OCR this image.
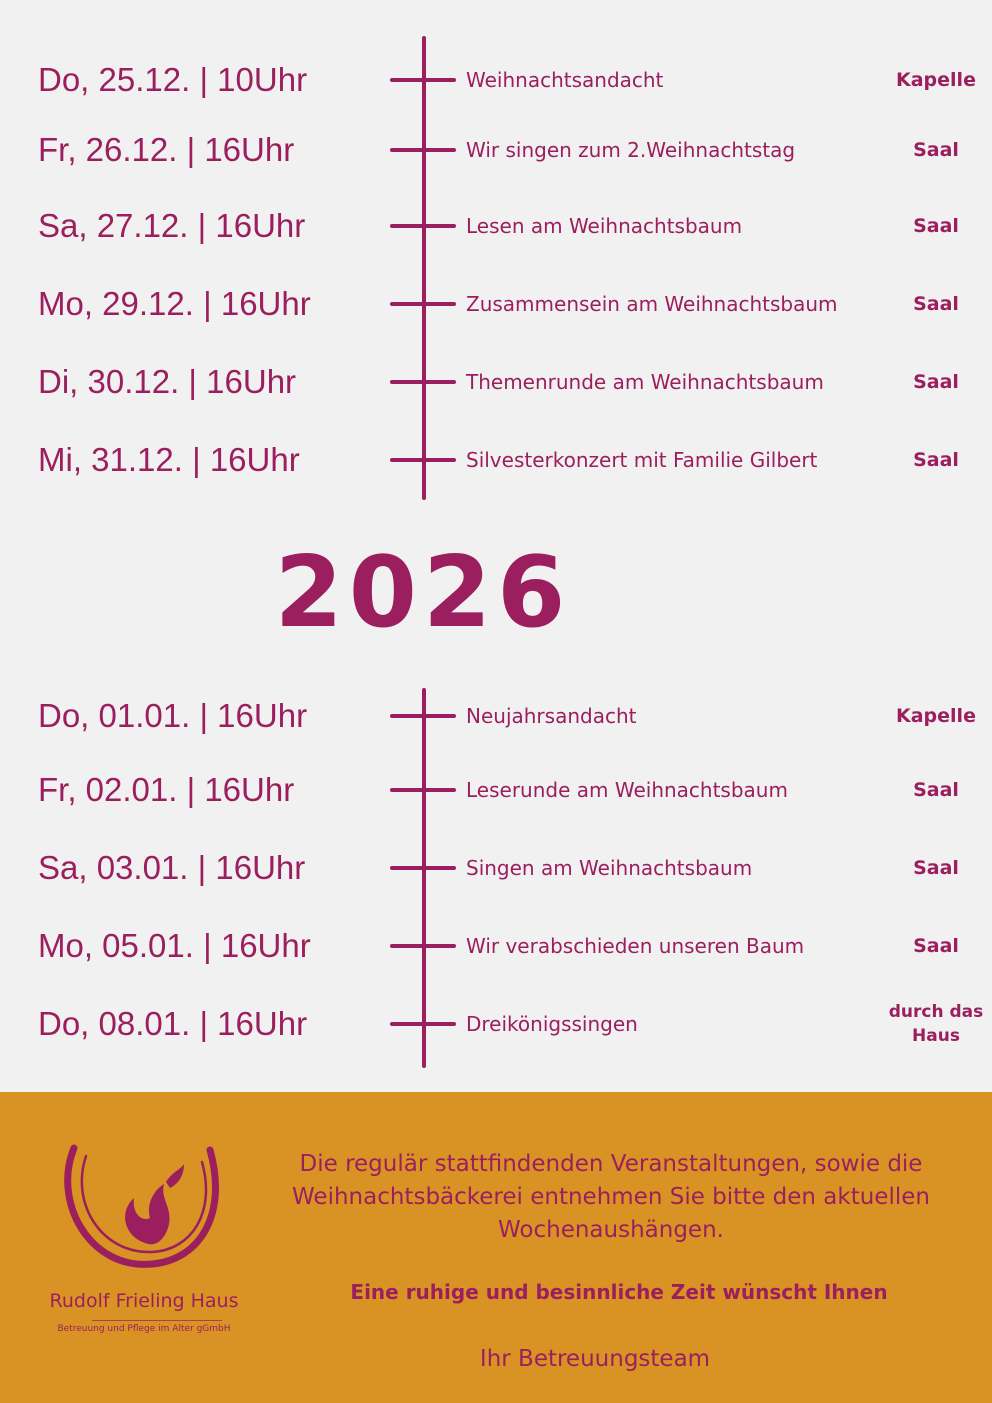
Do, 25.12. | 10Uhr	Weihnachtsandacht	Kapelle
Fr, 26.12. | 16Uhr	Wir singen zum 2.Weihnachtstag	Saal
Sa, 27.12. | 16Uhr	Lesen am Weihnachtsbaum	Saal
Mo, 29.12. | 16Uhr	Zusammensein am Weihnachtsbaum	Saal
Di, 30.12. | 16Uhr	Themenrunde am Weihnachtsbaum	Saal
Mi, 31.12. | 16Uhr	Silvesterkonzert mit Familie Gilbert	Saal
2026
Do, 01.01. | 16Uhr	Neujahrsandacht	Kapelle
Fr, 02.01. | 16Uhr	Leserunde am Weihnachtsbaum	Saal
Sa, 03.01. | 16Uhr	Singen am Weihnachtsbaum	Saal
Mo, 05.01. | 16Uhr	Wir verabschieden unseren Baum	Saal
Do, 08.01. | 16Uhr	Dreikönigssingen	durch das Haus
Rudolf Frieling Haus
Betreuung und Pflege im Alter gGmbH
Die regulär stattfindenden Veranstaltungen, sowie die Weihnachtsbäckerei entnehmen Sie bitte den aktuellen Wochenaushängen.
Eine ruhige und besinnliche Zeit wünscht Ihnen
Ihr Betreuungsteam
